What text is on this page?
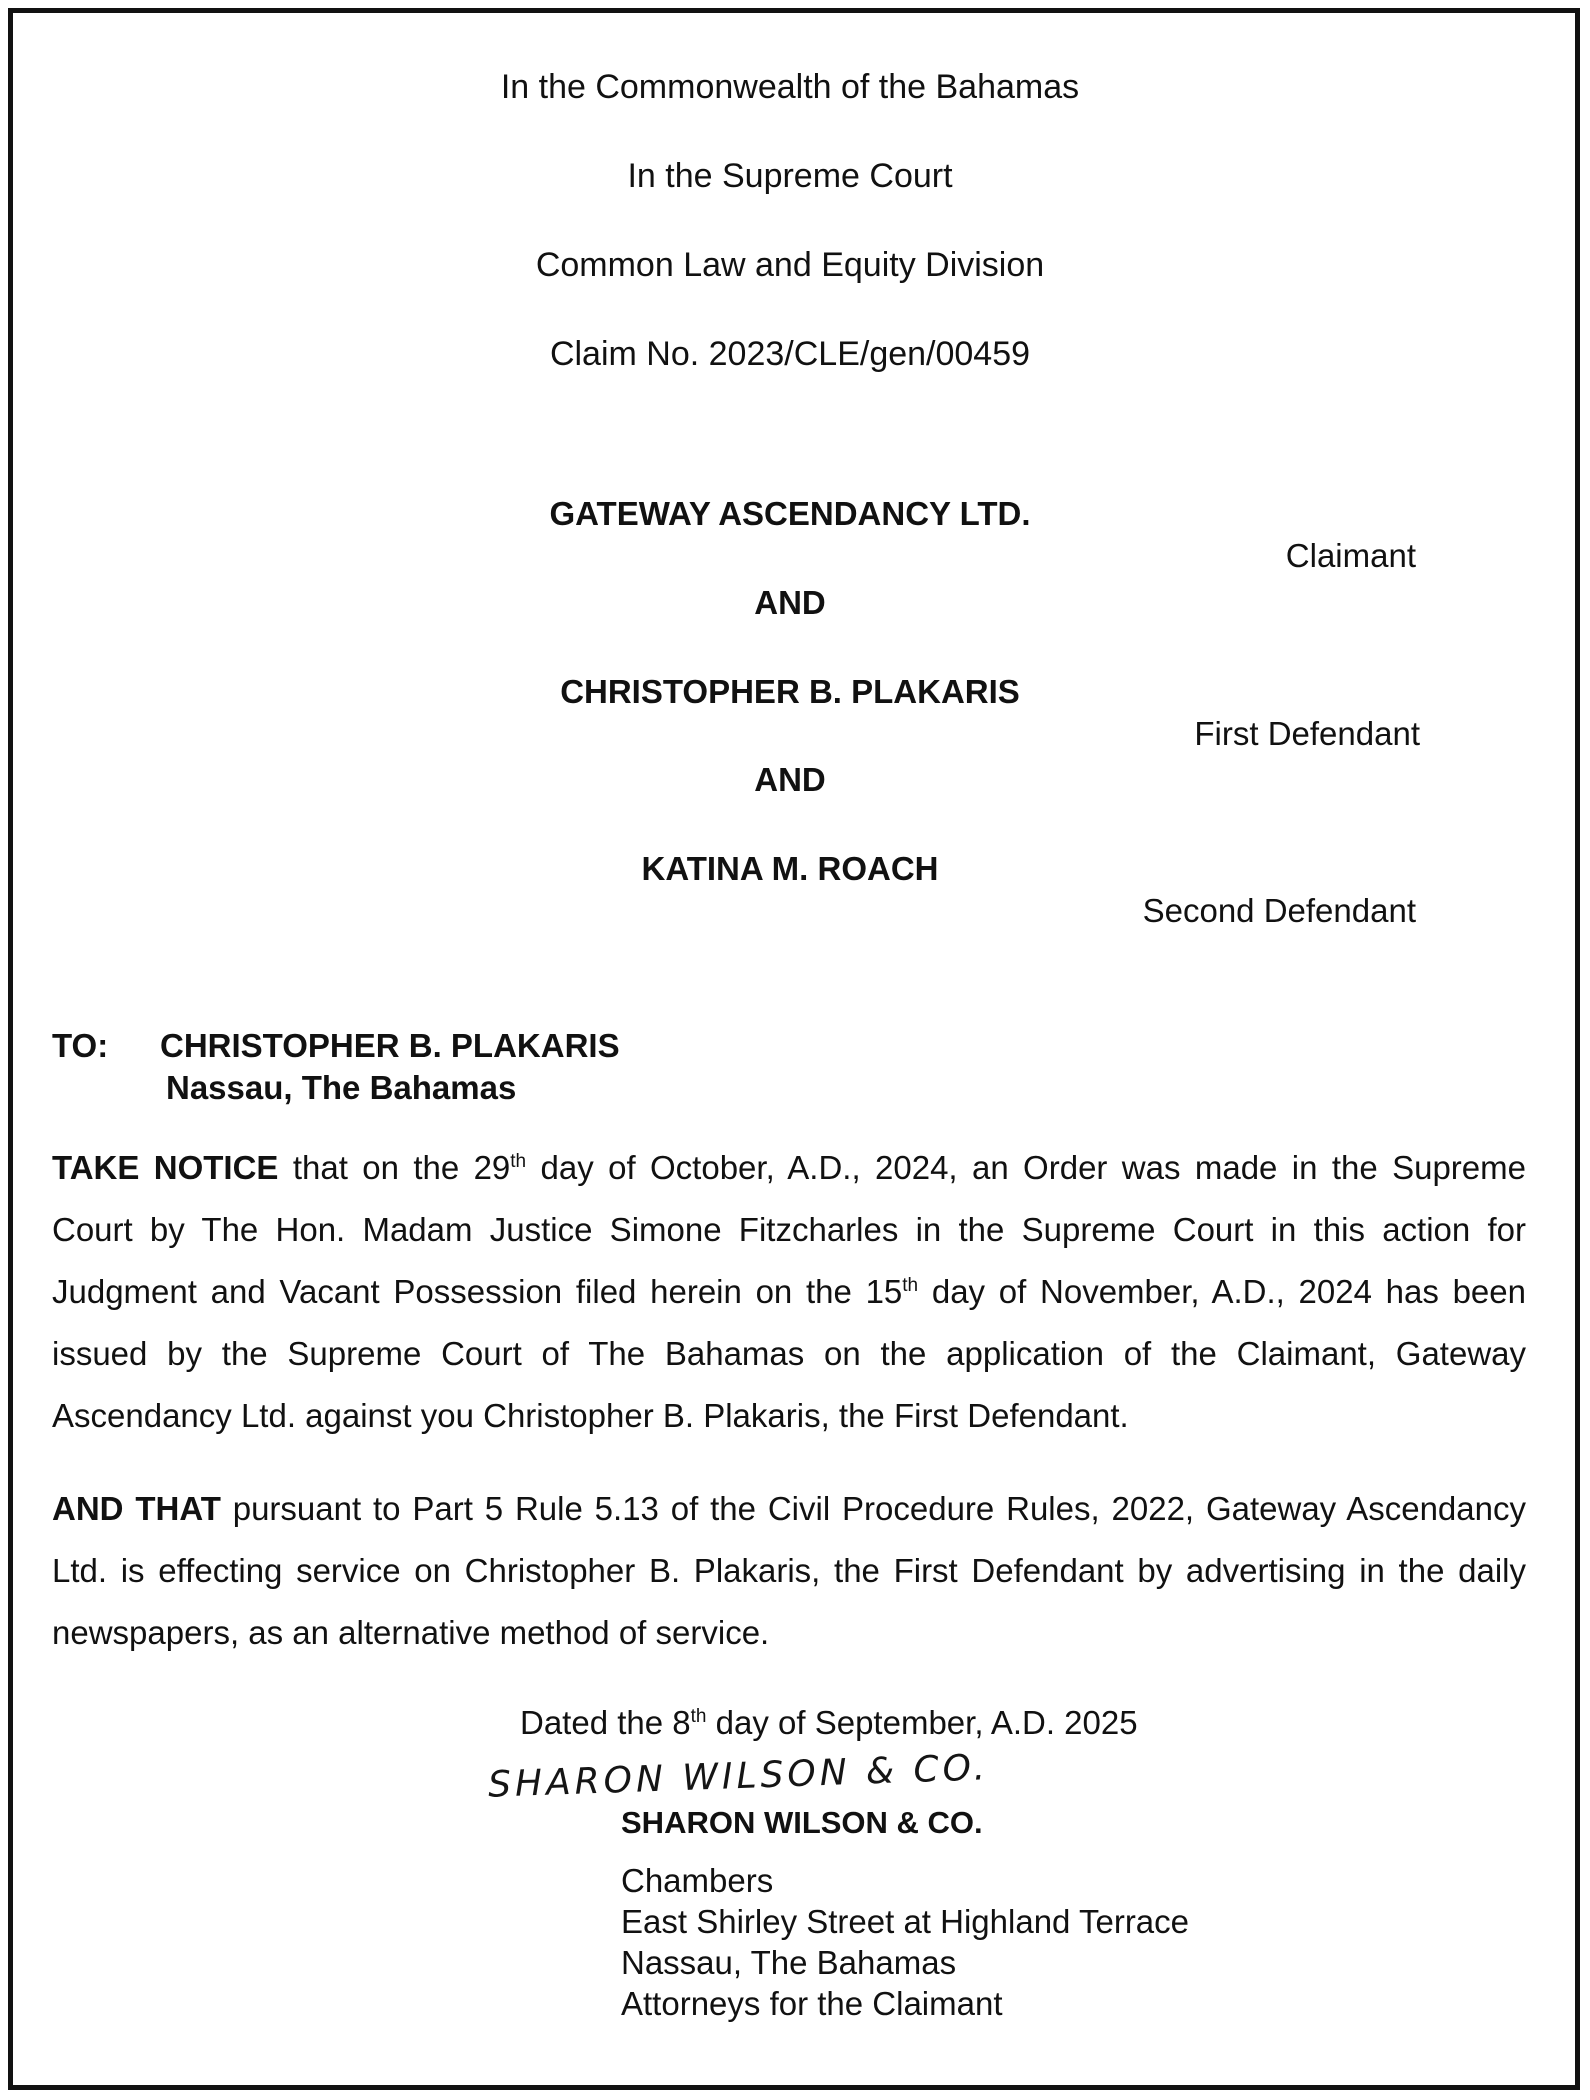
In the Commonwealth of the Bahamas
In the Supreme Court
Common Law and Equity Division
Claim No. 2023/CLE/gen/00459
GATEWAY ASCENDANCY LTD.
Claimant
AND
CHRISTOPHER B. PLAKARIS
First Defendant
AND
KATINA M. ROACH
Second Defendant
TO: CHRISTOPHER B. PLAKARIS
Nassau, The Bahamas
TAKE NOTICE that on the 29th day of October, A.D., 2024, an Order was made in the Supreme Court by The Hon. Madam Justice Simone Fitzcharles in the Supreme Court in this action for Judgment and Vacant Possession filed herein on the 15th day of November, A.D., 2024 has been issued by the Supreme Court of The Bahamas on the application of the Claimant, Gateway Ascendancy Ltd. against you Christopher B. Plakaris, the First Defendant.
AND THAT pursuant to Part 5 Rule 5.13 of the Civil Procedure Rules, 2022, Gateway Ascendancy Ltd. is effecting service on Christopher B. Plakaris, the First Defendant by advertising in the daily newspapers, as an alternative method of service.
Dated the 8th day of September, A.D. 2025
SHARON WILSON & CO.
SHARON WILSON & CO.
Chambers
East Shirley Street at Highland Terrace
Nassau, The Bahamas
Attorneys for the Claimant
